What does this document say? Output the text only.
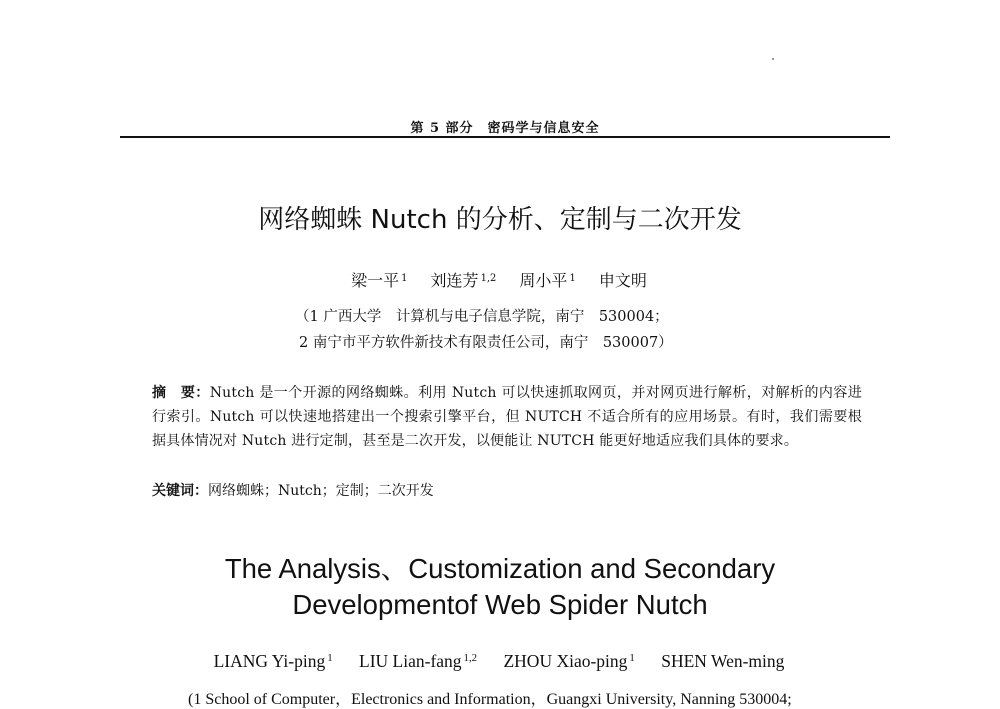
第 5 部分　密码学与信息安全
网络蜘蛛 Nutch 的分析、定制与二次开发
梁一平 $^1$ 刘连芳 $^{1,2}$ 周小平 $^1$ 申文明
（1 广西大学　计算机与电子信息学院，南宁　530004；
2 南宁市平方软件新技术有限责任公司，南宁　530007）
摘　要：Nutch 是一个开源的网络蜘蛛。利用 Nutch 可以快速抓取网页，并对网页进行解析，对解析的内容进行索引。Nutch 可以快速地搭建出一个搜索引擎平台，但 NUTCH 不适合所有的应用场景。有时，我们需要根据具体情况对 Nutch 进行定制，甚至是二次开发，以便能让 NUTCH 能更好地适应我们具体的要求。
关键词：网络蜘蛛；Nutch；定制；二次开发
The Analysis、Customization and Secondary
Developmentof Web Spider Nutch
LIANG Yi-ping $^1$ LIU Lian-fang $^{1,2}$ ZHOU Xiao-ping $^1$ SHEN Wen-ming
(1 School of Computer，Electronics and Information，Guangxi University, Nanning 530004;
